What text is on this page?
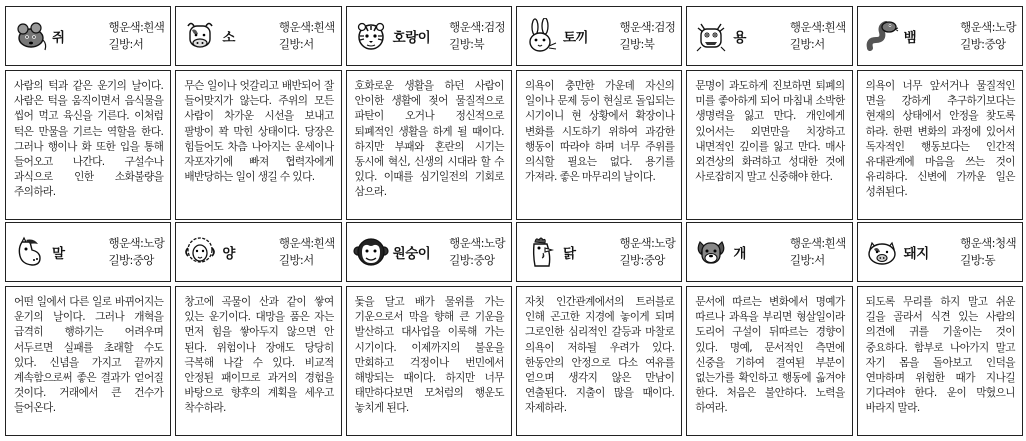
쥐
행운색 : 흰색
길방 : 서
사람의 턱과 같은 운기의 날이다. 사람은 턱을 움직이면서 음식물을 씹어 먹고 육신을 기른다. 이처럼 턱은 만물을 기르는 역할을 한다. 그러나 행이나 화 또한 입을 통해 들어오고 나간다. 구설수나 과식으로 인한 소화불량을 주의하라.
소
행운색 : 흰색
길방 : 서
무슨 일이나 엇갈리고 배반되어 잘 들어맞지가 않는다. 주위의 모든 사람이 차가운 시선을 보내고 팔방이 꽉 막힌 상태이다. 당장은 힘들어도 차츰 나아지는 운세이나 자포자기에 빠져 협력자에게 배반당하는 일이 생길 수 있다.
호랑이
행운색 : 검정
길방 : 북
호화로운 생활을 하던 사람이 안이한 생활에 젖어 물질적으로 파탄이 오거나 정신적으로 퇴폐적인 생활을 하게 될 때이다. 하지만 부패와 혼란의 시기는 동시에 혁신, 신생의 시대라 할 수 있다. 이때를 심기일전의 기회로 삼으라.
토끼
행운색 : 검정
길방 : 북
의욕이 충만한 가운데 자신의 일이나 문제 등이 현실로 돌입되는 시기이니 현 상황에서 확장이나 변화를 시도하기 위하여 과감한 행동이 따라야 하며 너무 주위를 의식할 필요는 없다. 용기를 가져라. 좋은 마무리의 날이다.
용
행운색 : 흰색
길방 : 서
문명이 과도하게 진보하면 퇴폐의 미를 좋아하게 되어 마침내 소박한 생명력을 잃고 만다. 개인에게 있어서는 외면만을 치장하고 내면적인 깊이를 잃고 만다. 매사 외견상의 화려하고 성대한 것에 사로잡히지 말고 신중해야 한다.
뱀
행운색 : 노랑
길방 : 중앙
의욕이 너무 앞서거나 물질적인 면을 강하게 추구하기보다는 현재의 상태에서 안정을 찾도록 하라. 한편 변화의 과정에 있어서 독자적인 행동보다는 인간적 유대관계에 마음을 쓰는 것이 유리하다. 신변에 가까운 일은 성취된다.
말
행운색 : 노랑
길방 : 중앙
어떤 일에서 다른 일로 바뀌어지는 운기의 날이다. 그러나 개혁을 급격히 행하기는 어려우며 서두르면 실패를 초래할 수도 있다. 신념을 가지고 끝까지 계속함으로써 좋은 결과가 얻어질 것이다. 거래에서 큰 건수가 들어온다.
양
행운색 : 흰색
길방 : 서
창고에 곡물이 산과 같이 쌓여 있는 운기이다. 대망을 품은 자는 먼저 힘을 쌓아두지 않으면 안 된다. 위험이나 장애도 당당히 극복해 나갈 수 있다. 비교적 안정된 패이므로 과거의 경험을 바탕으로 향후의 계획을 세우고 착수하라.
원숭이
행운색 : 노랑
길방 : 중앙
돛을 달고 배가 물위를 가는 기운으로서 막을 향해 큰 기운을 발산하고 대사업을 이룩해 가는 시기이다. 이제까지의 불운을 만회하고 걱정이나 번민에서 해방되는 때이다. 하지만 너무 태만하다보면 모처럼의 행운도 놓치게 된다.
닭
행운색 : 노랑
길방 : 중앙
자칫 인간관계에서의 트러블로 인해 곤고한 지경에 놓이게 되며 그로인한 심리적인 갈등과 마찰로 의욕이 저하될 우려가 있다. 한동안의 안정으로 다소 여유를 얻으며 생각지 않은 만남이 연출된다. 지출이 많을 때이다. 자제하라.
개
행운색 : 흰색
길방 : 서
문서에 따르는 변화에서 명예가 따르나 과욕을 부리면 형살일이라 도리어 구설이 뒤따르는 경향이 있다. 명예, 문서적인 측면에 신중을 기하여 결여된 부분이 없는가를 확인하고 행동에 옮겨야 한다. 처음은 불안하다. 노력을 하여라.
돼지
행운색 : 청색
길방 : 동
되도록 무리를 하지 말고 쉬운 길을 골라서 식견 있는 사람의 의견에 귀를 기울이는 것이 중요하다. 함부로 나아가지 말고 자기 몸을 돌아보고 인덕을 연마하며 위험한 때가 지나길 기다려야 한다. 운이 막혔으니 바라지 말라.
